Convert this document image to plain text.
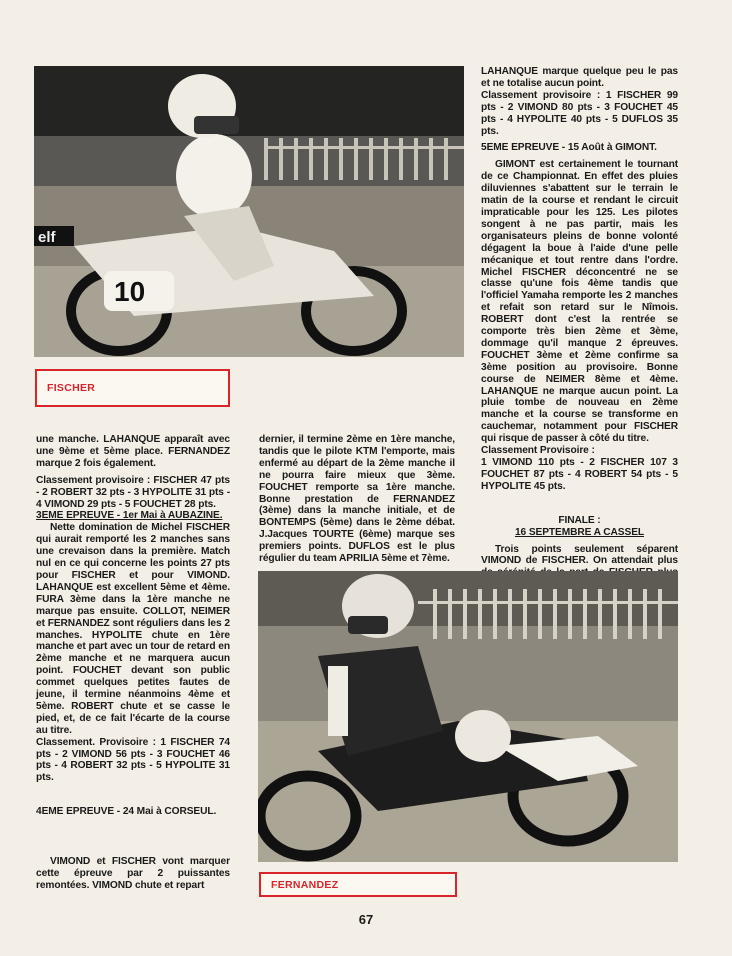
10
elf
FISCHER

une manche. LAHANQUE apparaît avec une 9ème et 5ème place. FERNANDEZ marque 2 fois également.

Classement provisoire : FISCHER 47 pts - 2 ROBERT 32 pts - 3 HYPOLITE 31 pts - 4 VIMOND 29 pts - 5 FOUCHET 28 pts.

3EME EPREUVE - 1er Mai à AUBAZINE.

Nette domination de Michel FISCHER qui aurait remporté les 2 manches sans une crevaison dans la première. Match nul en ce qui concerne les points 27 pts pour FISCHER et pour VIMOND. LAHANQUE est excellent 5ème et 4ème. FURA 3ème dans la 1ère manche ne marque pas ensuite. COLLOT, NEIMER et FERNANDEZ sont réguliers dans les 2 manches. HYPOLITE chute en 1ère manche et part avec un tour de retard en 2ème manche et ne marquera aucun point. FOUCHET devant son public commet quelques petites fautes de jeune, il termine néanmoins 4ème et 5ème. ROBERT chute et se casse le pied, et, de ce fait l'écarte de la course au titre.

Classement. Provisoire : 1 FISCHER 74 pts - 2 VIMOND 56 pts - 3 FOUCHET 46 pts - 4 ROBERT 32 pts - 5 HYPOLITE 31 pts.

4EME EPREUVE - 24 Mai à CORSEUL.

VIMOND et FISCHER vont marquer cette épreuve par 2 puissantes remontées. VIMOND chute et repart

dernier, il termine 2ème en 1ère manche, tandis que le pilote KTM l'emporte, mais enfermé au départ de la 2ème manche il ne pourra faire mieux que 3ème. FOUCHET remporte sa 1ère manche. Bonne prestation de FERNANDEZ (3ème) dans la manche initiale, et de BONTEMPS (5ème) dans le 2ème débat. J.Jacques TOURTE (6ème) marque ses premiers points. DUFLOS est le plus régulier du team APRILIA 5ème et 7ème.

LAHANQUE marque quelque peu le pas et ne totalise aucun point.

Classement provisoire : 1 FISCHER 99 pts - 2 VIMOND 80 pts - 3 FOUCHET 45 pts - 4 HYPOLITE 40 pts - 5 DUFLOS 35 pts.

5EME EPREUVE - 15 Août à GIMONT.

GIMONT est certainement le tournant de ce Championnat. En effet des pluies diluviennes s'abattent sur le terrain le matin de la course et rendant le circuit impraticable pour les 125. Les pilotes songent à ne pas partir, mais les organisateurs pleins de bonne volonté dégagent la boue à l'aide d'une pelle mécanique et tout rentre dans l'ordre. Michel FISCHER déconcentré ne se classe qu'une fois 4ème tandis que l'officiel Yamaha remporte les 2 manches et refait son retard sur le Nîmois. ROBERT dont c'est la rentrée se comporte très bien 2ème et 3ème, dommage qu'il manque 2 épreuves. FOUCHET 3ème et 2ème confirme sa 3ème position au provisoire. Bonne course de NEIMER 8ème et 4ème. LAHANQUE ne marque aucun point. La pluie tombe de nouveau en 2ème manche et la course se transforme en cauchemar, notamment pour FISCHER qui risque de passer à côté du titre.

Classement Provisoire :

1 VIMOND 110 pts - 2 FISCHER 107 3 FOUCHET 87 pts - 4 ROBERT 54 pts - 5 HYPOLITE 45 pts.

FINALE :

16 SEPTEMBRE A CASSEL

Trois points seulement séparent VIMOND de FISCHER. On attendait plus

FERNANDEZ
67
